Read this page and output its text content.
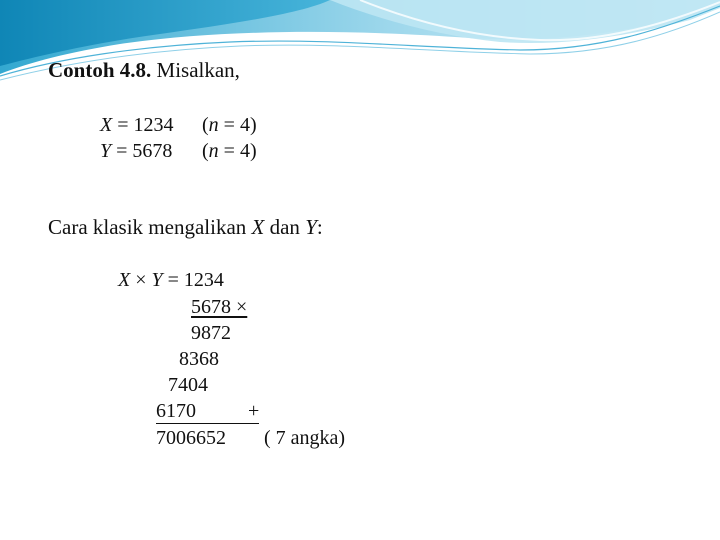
Contoh 4.8. Misalkan,
X = 1234	(n = 4)
Y = 5678	(n = 4)
Cara klasik mengalikan X dan Y:
X × Y = 1234
5678 ×
9872
8368
7404
6170	+
7006652 ( 7 angka)
